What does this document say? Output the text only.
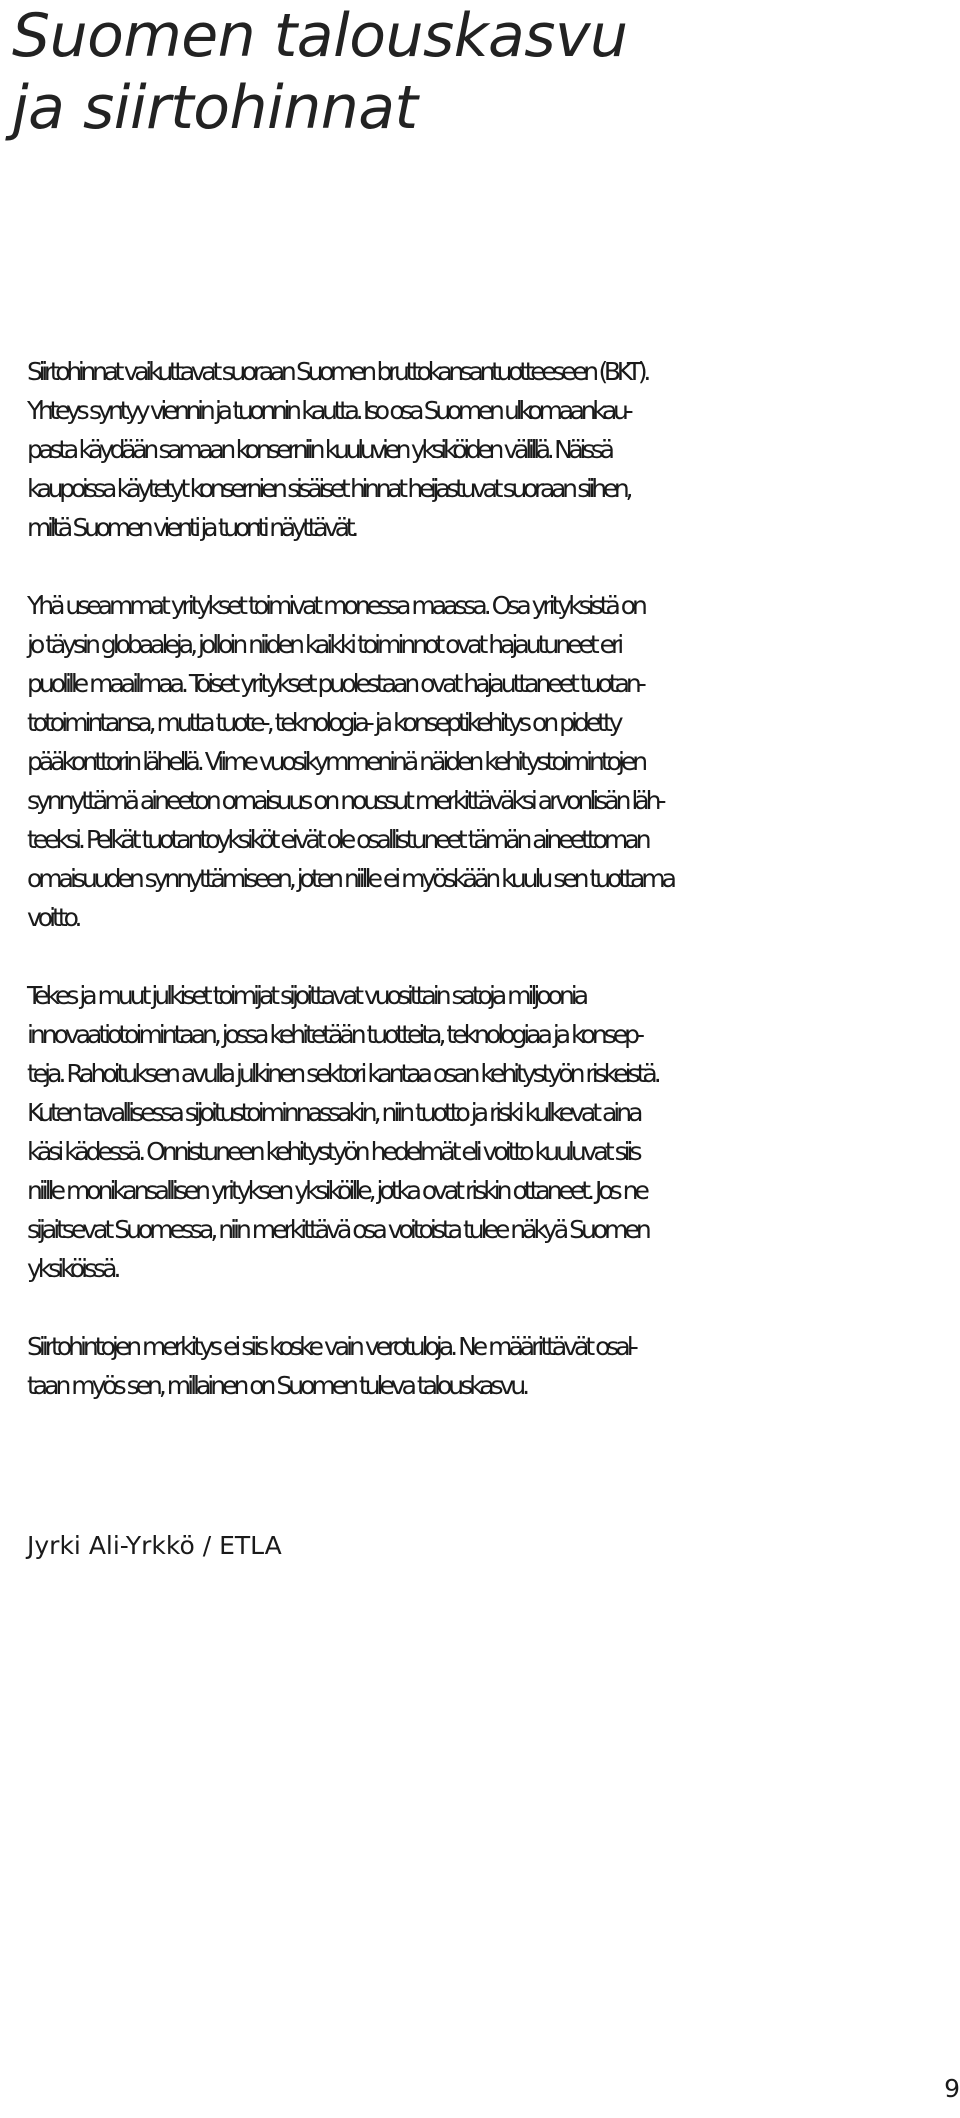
Suomen talouskasvu
ja siirtohinnat

Siirtohinnat vaikuttavat suoraan Suomen bruttokansantuotteeseen (BKT).
Yhteys syntyy viennin ja tuonnin kautta. Iso osa Suomen ulkomaankau-
pasta käydään samaan konserniin kuuluvien yksiköiden välillä. Näissä
kaupoissa käytetyt konsernien sisäiset hinnat heijastuvat suoraan siihen,
miltä Suomen vienti ja tuonti näyttävät.

Yhä useammat yritykset toimivat monessa maassa. Osa yrityksistä on
jo täysin globaaleja, jolloin niiden kaikki toiminnot ovat hajautuneet eri
puolille maailmaa. Toiset yritykset puolestaan ovat hajauttaneet tuotan-
totoimintansa, mutta tuote-, teknologia- ja konseptikehitys on pidetty
pääkonttorin lähellä. Viime vuosikymmeninä näiden kehitystoimintojen
synnyttämä aineeton omaisuus on noussut merkittäväksi arvonlisän läh-
teeksi. Pelkät tuotantoyksiköt eivät ole osallistuneet tämän aineettoman
omaisuuden synnyttämiseen, joten niille ei myöskään kuulu sen tuottama
voitto.

Tekes ja muut julkiset toimijat sijoittavat vuosittain satoja miljoonia
innovaatiotoimintaan, jossa kehitetään tuotteita, teknologiaa ja konsep-
teja. Rahoituksen avulla julkinen sektori kantaa osan kehitystyön riskeistä.
Kuten tavallisessa sijoitustoiminnassakin, niin tuotto ja riski kulkevat aina
käsi kädessä. Onnistuneen kehitystyön hedelmät eli voitto kuuluvat siis
niille monikansallisen yrityksen yksiköille, jotka ovat riskin ottaneet. Jos ne
sijaitsevat Suomessa, niin merkittävä osa voitoista tulee näkyä Suomen
yksiköissä.

Siirtohintojen merkitys ei siis koske vain verotuloja. Ne määrittävät osal-
taan myös sen, millainen on Suomen tuleva talouskasvu.

Jyrki Ali-Yrkkö / ETLA

9
